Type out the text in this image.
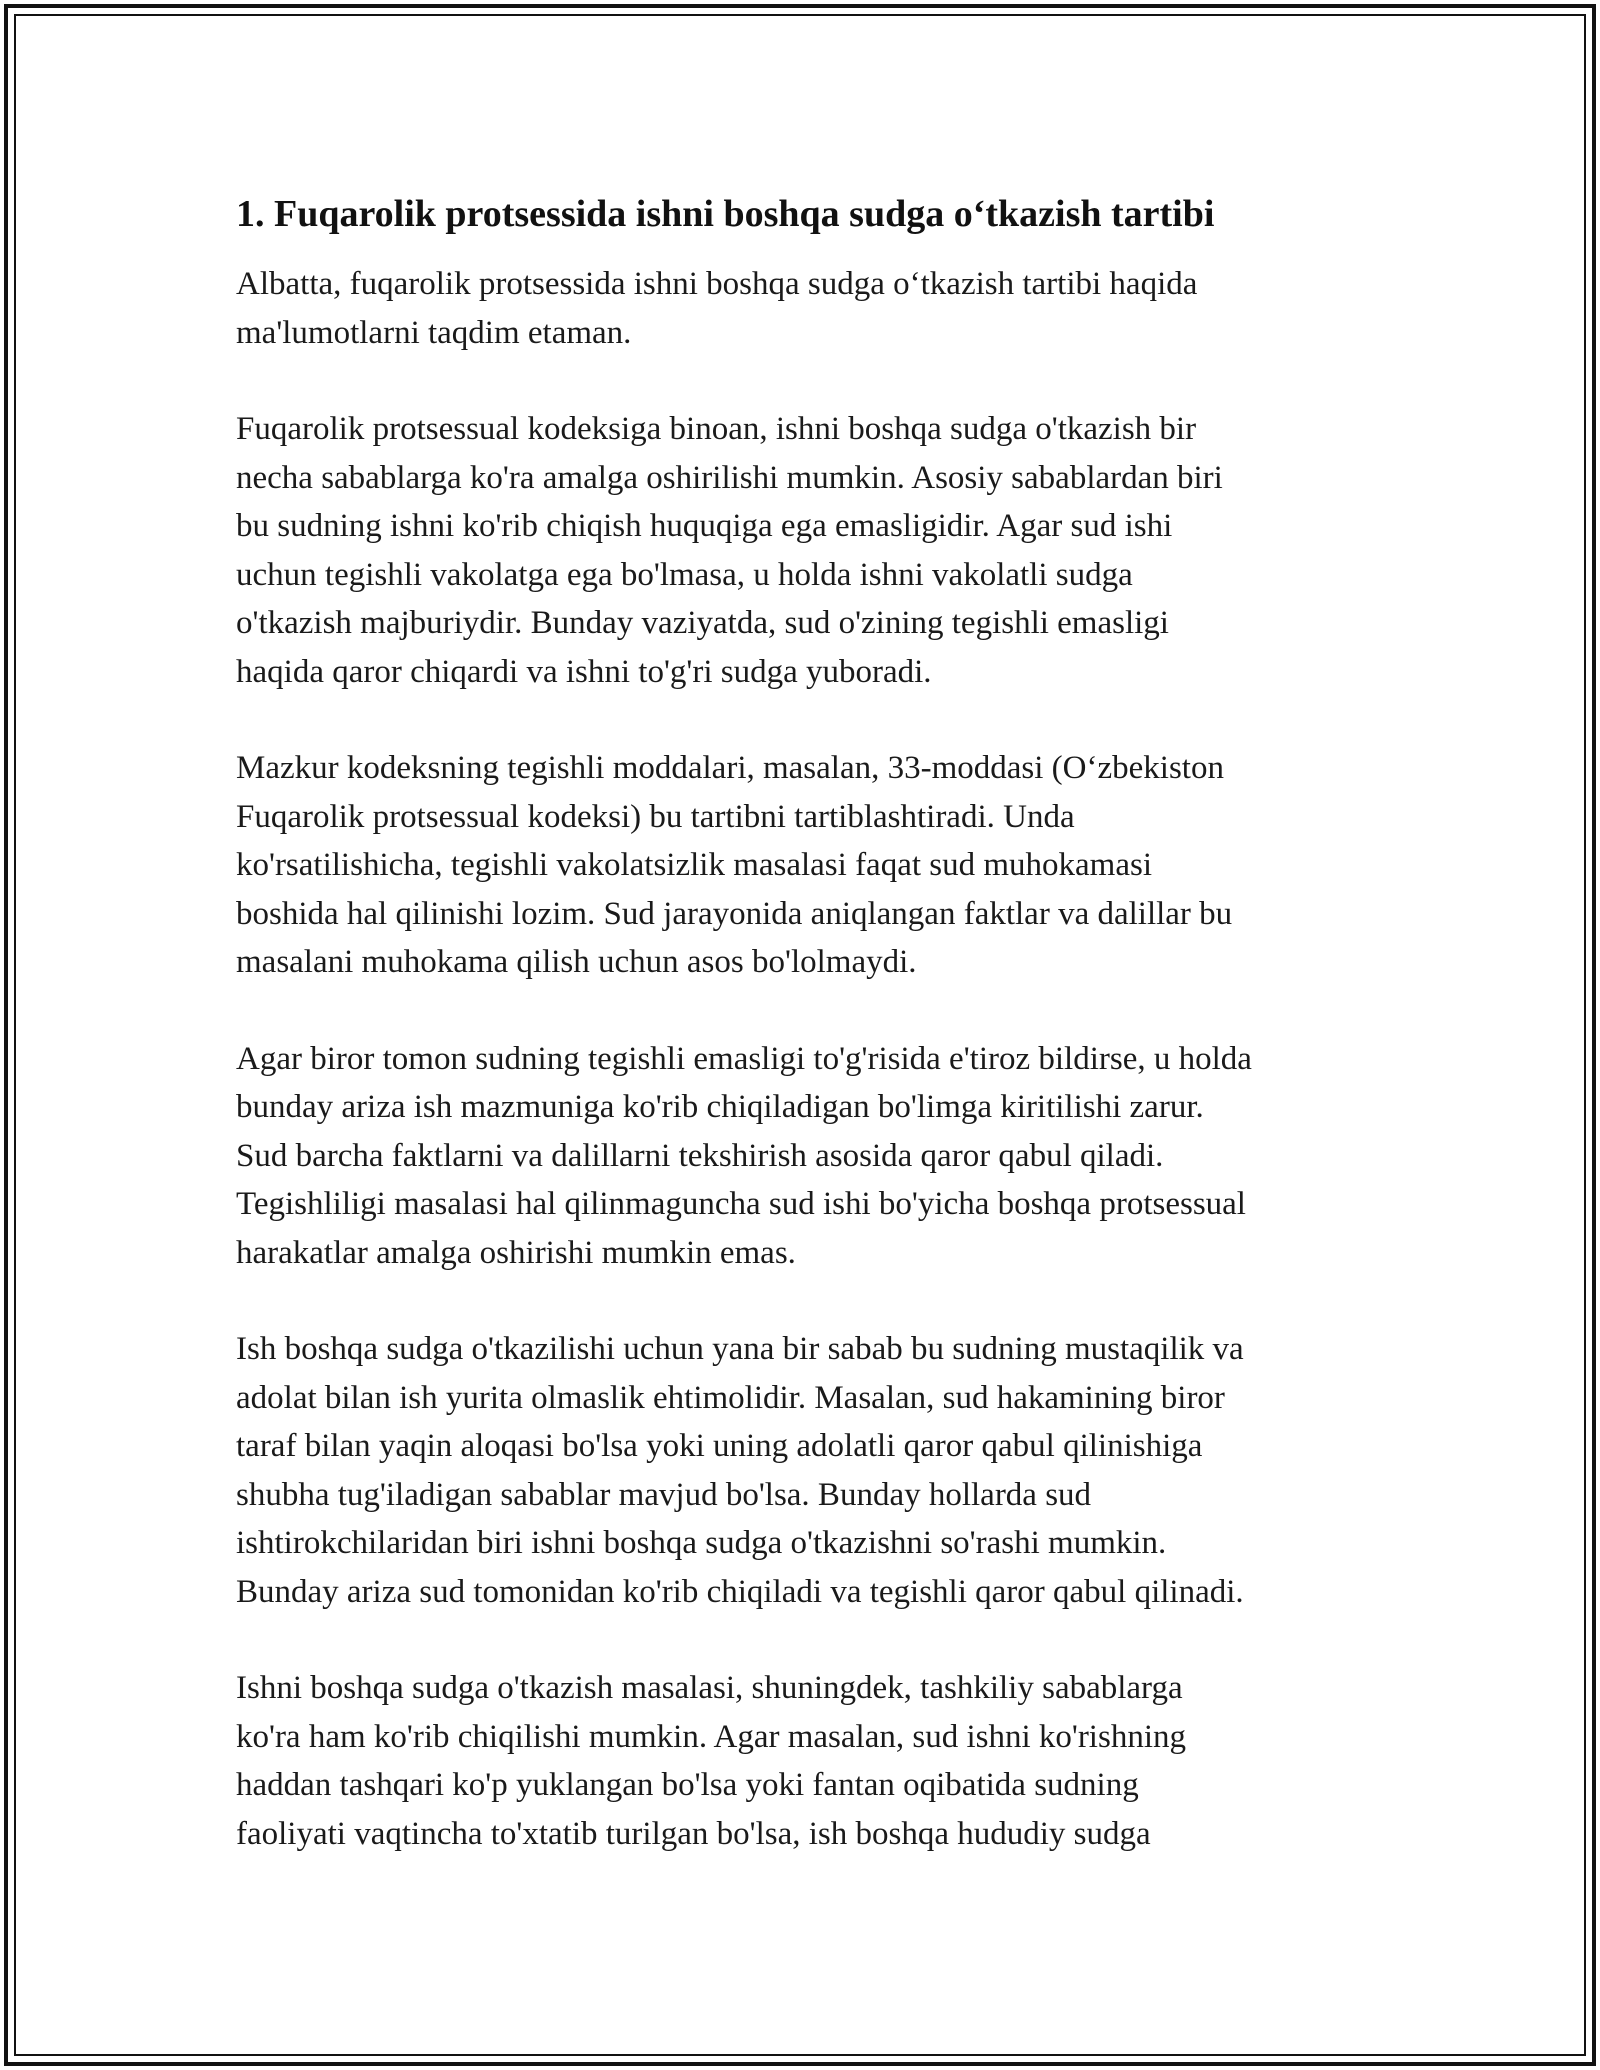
1. Fuqarolik protsessida ishni boshqa sudga o‘tkazish tartibi

Albatta, fuqarolik protsessida ishni boshqa sudga o‘tkazish tartibi haqida
ma'lumotlarni taqdim etaman.

Fuqarolik protsessual kodeksiga binoan, ishni boshqa sudga o'tkazish bir
necha sabablarga ko'ra amalga oshirilishi mumkin. Asosiy sabablardan biri
bu sudning ishni ko'rib chiqish huquqiga ega emasligidir. Agar sud ishi
uchun tegishli vakolatga ega bo'lmasa, u holda ishni vakolatli sudga
o'tkazish majburiydir. Bunday vaziyatda, sud o'zining tegishli emasligi
haqida qaror chiqardi va ishni to'g'ri sudga yuboradi.

Mazkur kodeksning tegishli moddalari, masalan, 33-moddasi (O‘zbekiston
Fuqarolik protsessual kodeksi) bu tartibni tartiblashtiradi. Unda
ko'rsatilishicha, tegishli vakolatsizlik masalasi faqat sud muhokamasi
boshida hal qilinishi lozim. Sud jarayonida aniqlangan faktlar va dalillar bu
masalani muhokama qilish uchun asos bo'lolmaydi.

Agar biror tomon sudning tegishli emasligi to'g'risida e'tiroz bildirse, u holda
bunday ariza ish mazmuniga ko'rib chiqiladigan bo'limga kiritilishi zarur.
Sud barcha faktlarni va dalillarni tekshirish asosida qaror qabul qiladi.
Tegishliligi masalasi hal qilinmaguncha sud ishi bo'yicha boshqa protsessual
harakatlar amalga oshirishi mumkin emas.

Ish boshqa sudga o'tkazilishi uchun yana bir sabab bu sudning mustaqilik va
adolat bilan ish yurita olmaslik ehtimolidir. Masalan, sud hakamining biror
taraf bilan yaqin aloqasi bo'lsa yoki uning adolatli qaror qabul qilinishiga
shubha tug'iladigan sabablar mavjud bo'lsa. Bunday hollarda sud
ishtirokchilaridan biri ishni boshqa sudga o'tkazishni so'rashi mumkin.
Bunday ariza sud tomonidan ko'rib chiqiladi va tegishli qaror qabul qilinadi.

Ishni boshqa sudga o'tkazish masalasi, shuningdek, tashkiliy sabablarga
ko'ra ham ko'rib chiqilishi mumkin. Agar masalan, sud ishni ko'rishning
haddan tashqari ko'p yuklangan bo'lsa yoki fantan oqibatida sudning
faoliyati vaqtincha to'xtatib turilgan bo'lsa, ish boshqa hududiy sudga
